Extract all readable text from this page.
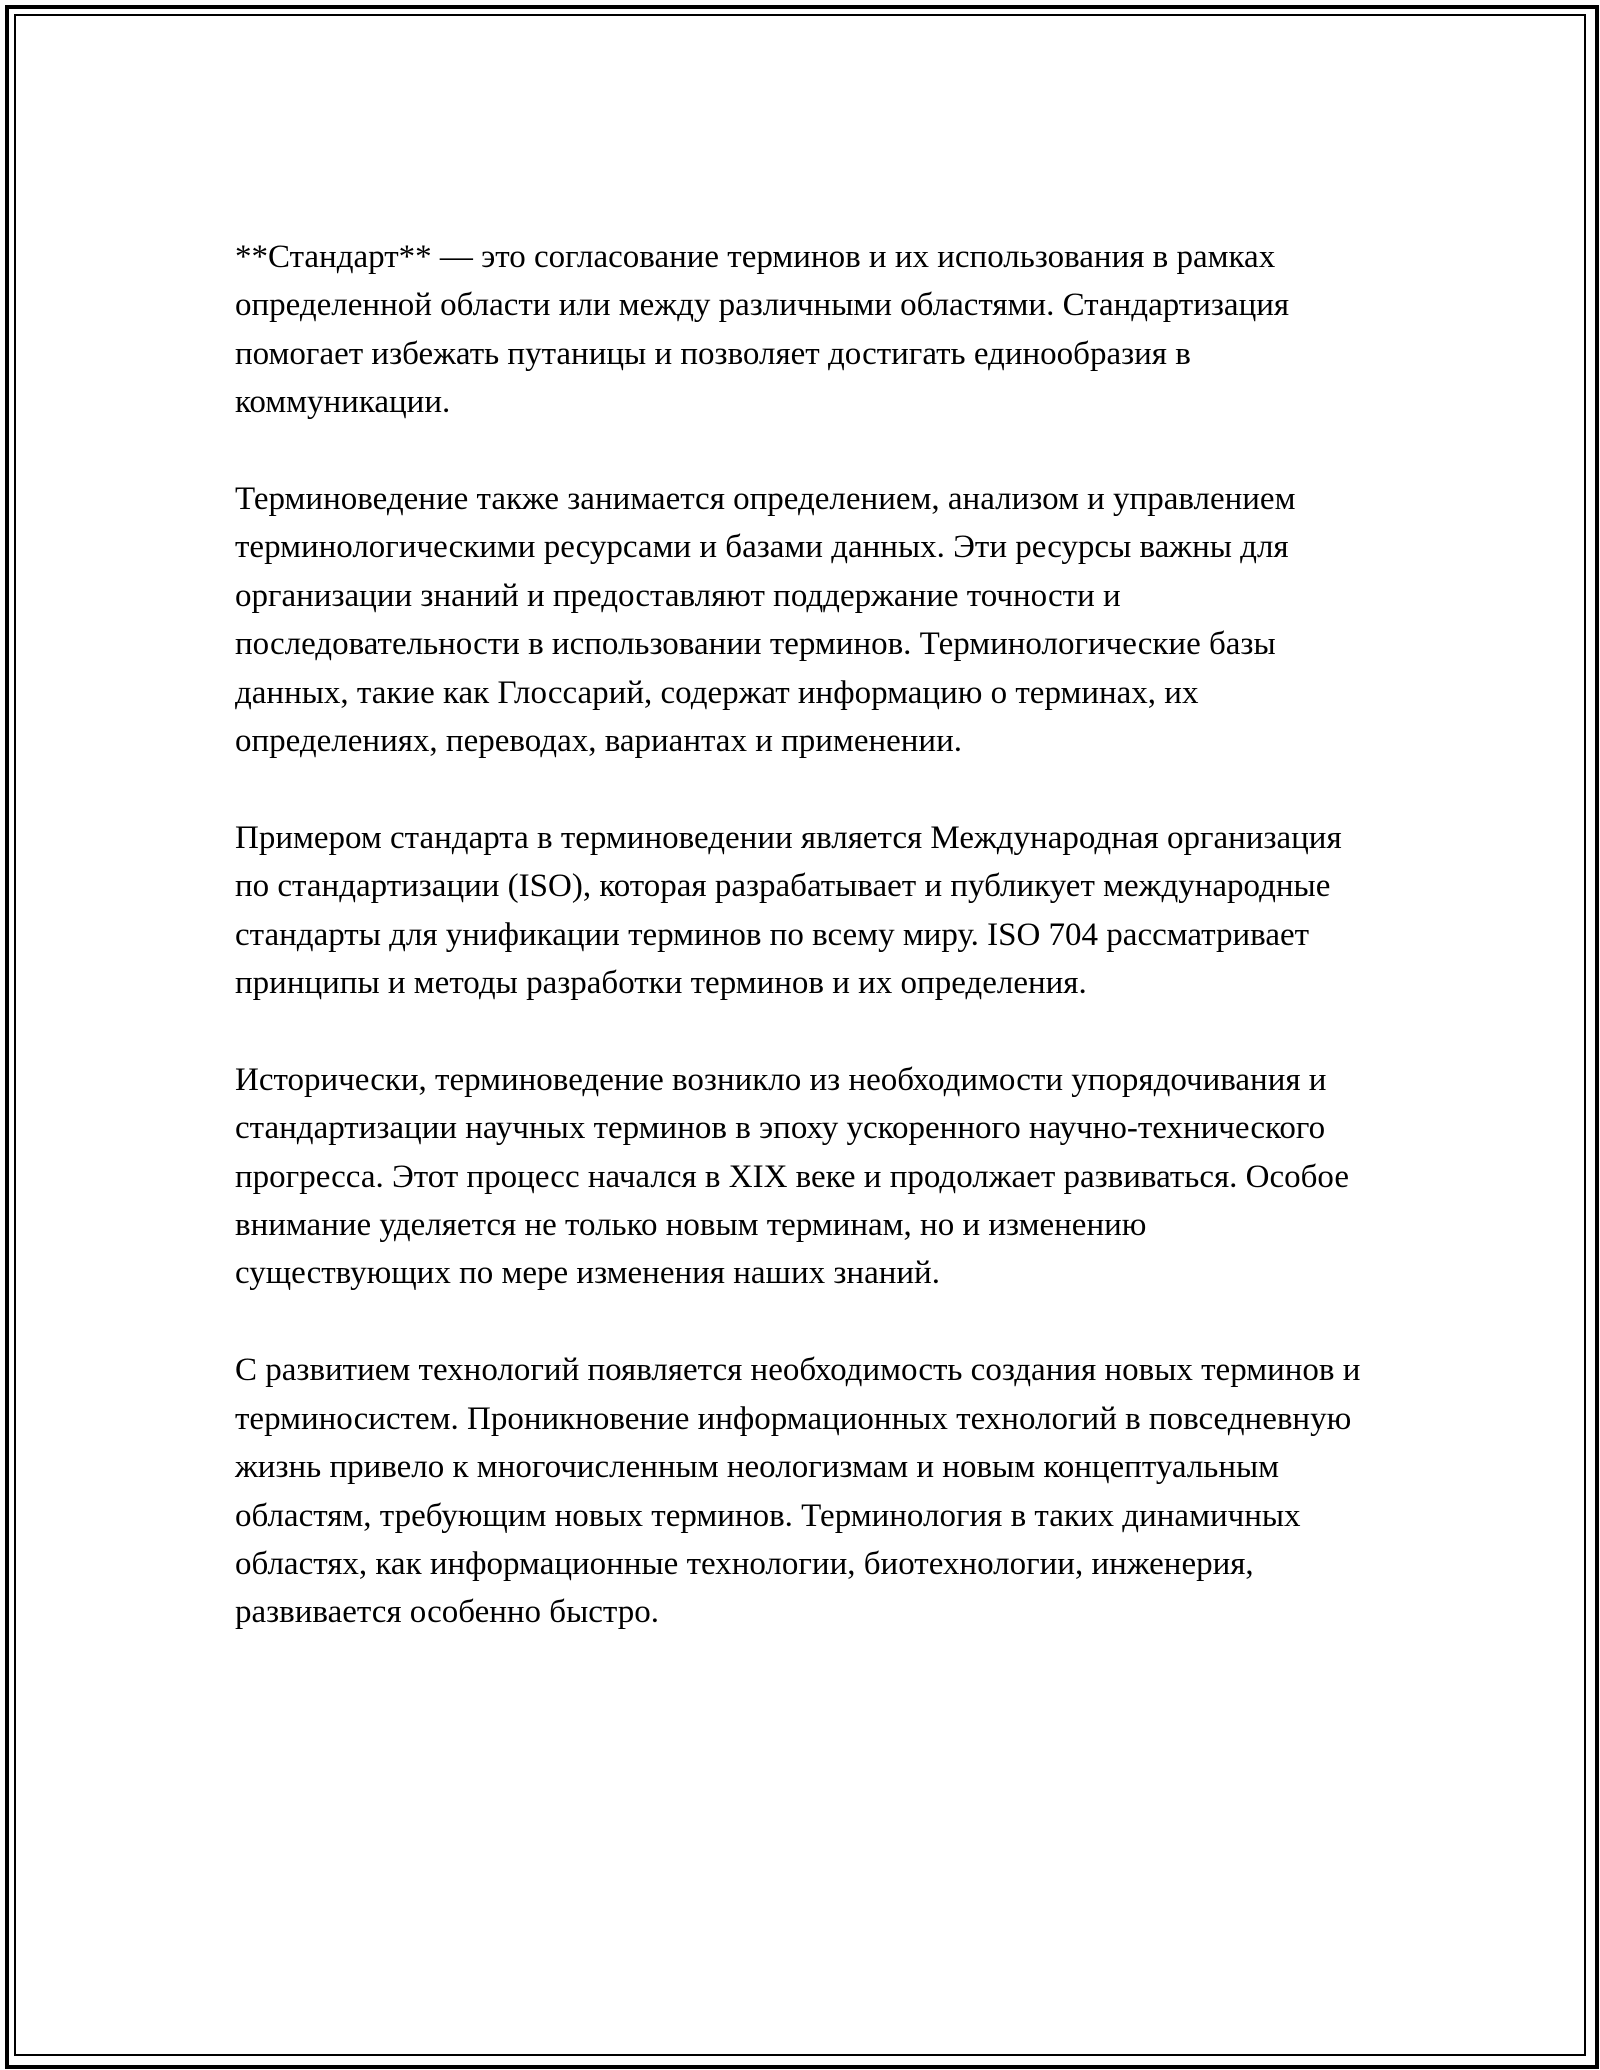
**Стандарт** — это согласование терминов и их использования в рамках определенной области или между различными областями. Стандартизация помогает избежать путаницы и позволяет достигать единообразия в коммуникации.

Терминоведение также занимается определением, анализом и управлением терминологическими ресурсами и базами данных. Эти ресурсы важны для организации знаний и предоставляют поддержание точности и последовательности в использовании терминов. Терминологические базы данных, такие как Глоссарий, содержат информацию о терминах, их определениях, переводах, вариантах и применении.

Примером стандарта в терминоведении является Международная организация по стандартизации (ISO), которая разрабатывает и публикует международные стандарты для унификации терминов по всему миру. ISO 704 рассматривает принципы и методы разработки терминов и их определения.

Исторически, терминоведение возникло из необходимости упорядочивания и стандартизации научных терминов в эпоху ускоренного научно-технического прогресса. Этот процесс начался в XIX веке и продолжает развиваться. Особое внимание уделяется не только новым терминам, но и изменению существующих по мере изменения наших знаний.

С развитием технологий появляется необходимость создания новых терминов и терминосистем. Проникновение информационных технологий в повседневную жизнь привело к многочисленным неологизмам и новым концептуальным областям, требующим новых терминов. Терминология в таких динамичных областях, как информационные технологии, биотехнологии, инженерия, развивается особенно быстро.
